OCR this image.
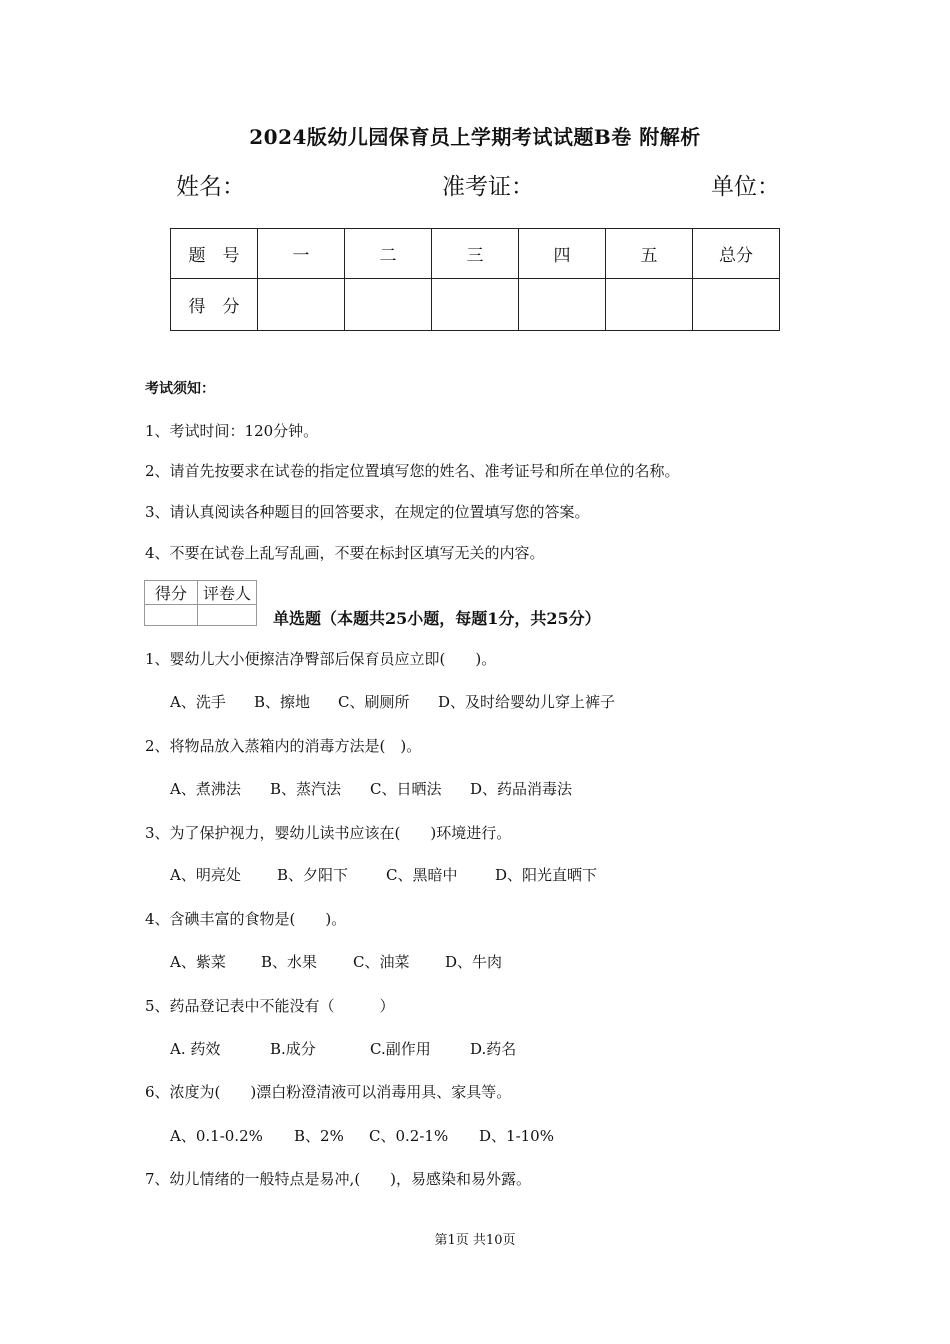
2024版幼儿园保育员上学期考试试题B卷 附解析
姓名：	准考证：	单位：
题　号	一	二	三	四	五	总分
得　分						
考试须知：
1、考试时间：120分钟。
2、请首先按要求在试卷的指定位置填写您的姓名、准考证号和所在单位的名称。
3、请认真阅读各种题目的回答要求，在规定的位置填写您的答案。
4、不要在试卷上乱写乱画，不要在标封区填写无关的内容。
得分	评卷人

单选题（本题共25小题，每题1分，共25分）
1、婴幼儿大小便擦洁净臀部后保育员应立即(　　)。
A、洗手 B、擦地 C、刷厕所 D、及时给婴幼儿穿上裤子
2、将物品放入蒸箱内的消毒方法是(　)。
A、煮沸法 B、蒸汽法 C、日晒法 D、药品消毒法
3、为了保护视力，婴幼儿读书应该在(　　)环境进行。
A、明亮处 B、夕阳下	C、黑暗中	D、阳光直晒下
4、含碘丰富的食物是(　　)。
A、紫菜 B、水果 C、油菜 D、牛肉
5、药品登记表中不能没有（　　　）
A. 药效	B.成分	C.副作用	D.药名
6、浓度为(　　)漂白粉澄清液可以消毒用具、家具等。
A、0.1-0.2% B、2% C、0.2-1% D、1-10%
7、幼儿情绪的一般特点是易冲,(　　)，易感染和易外露。
第1页 共10页
